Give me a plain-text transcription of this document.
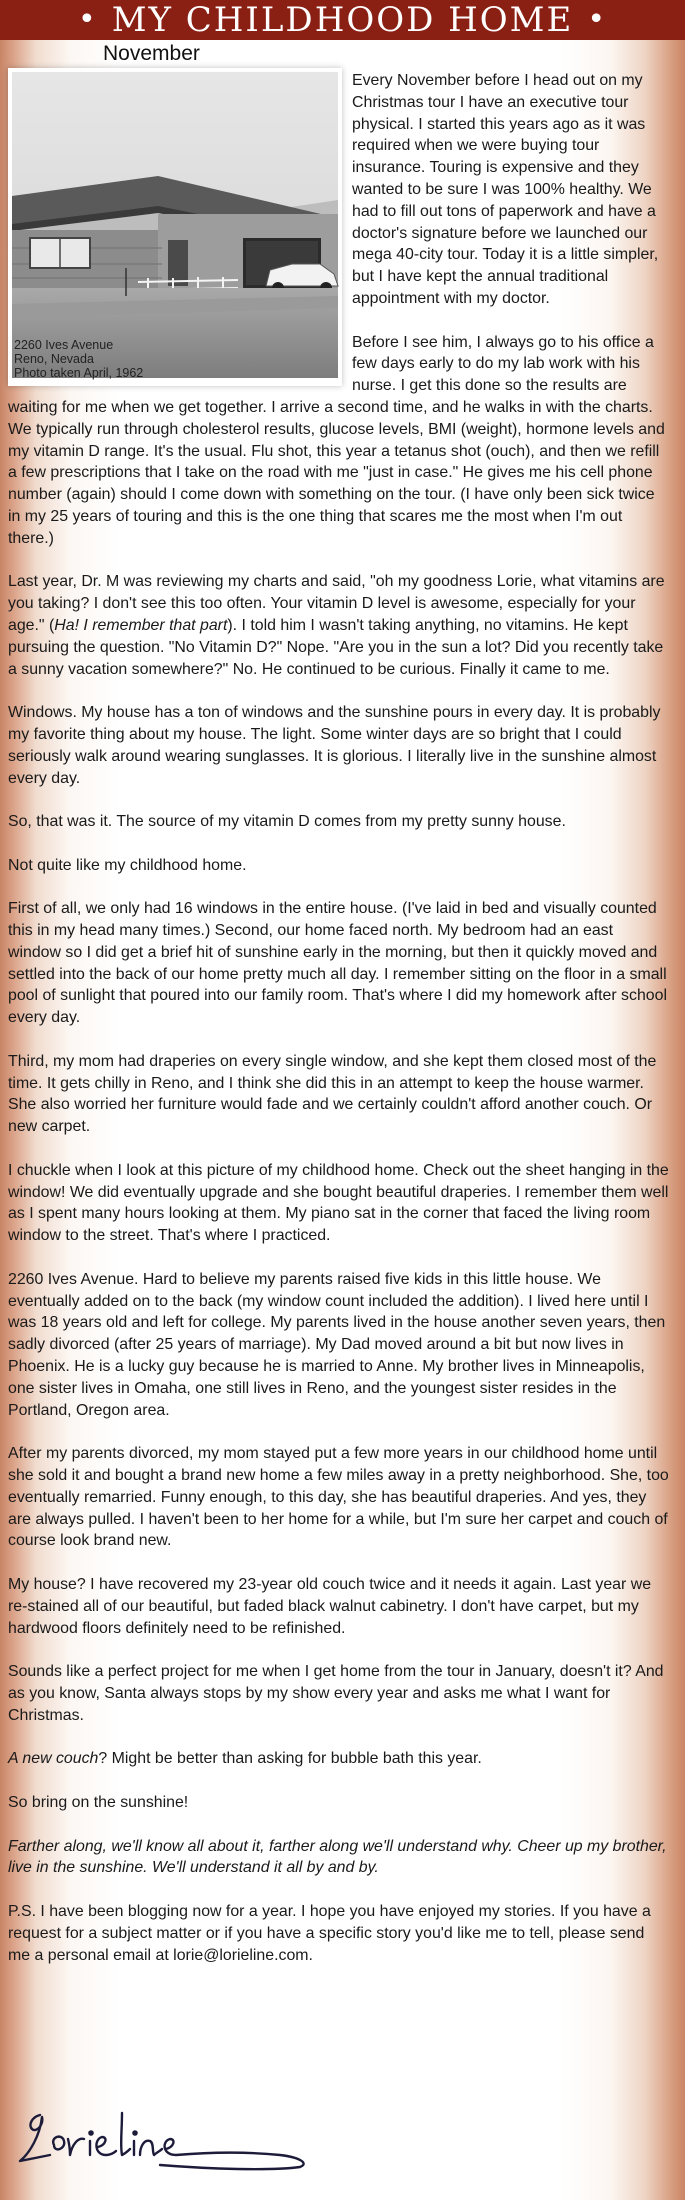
• MY CHILDHOOD HOME •
November
2260 Ives Avenue
Reno, Nevada
Photo taken April, 1962

Every November before I head out on my Christmas tour I have an executive tour physical. I started this years ago as it was required when we were buying tour insurance. Touring is expensive and they wanted to be sure I was 100% healthy. We had to fill out tons of paperwork and have a doctor's signature before we launched our mega 40-city tour. Today it is a little simpler, but I have kept the annual traditional appointment with my doctor.

Before I see him, I always go to his office a few days early to do my lab work with his nurse. I get this done so the results are waiting for me when we get together. I arrive a second time, and he walks in with the charts. We typically run through cholesterol results, glucose levels, BMI (weight), hormone levels and my vitamin D range. It's the usual. Flu shot, this year a tetanus shot (ouch), and then we refill a few prescriptions that I take on the road with me "just in case." He gives me his cell phone number (again) should I come down with something on the tour. (I have only been sick twice in my 25 years of touring and this is the one thing that scares me the most when I'm out there.)

Last year, Dr. M was reviewing my charts and said, "oh my goodness Lorie, what vitamins are you taking? I don't see this too often. Your vitamin D level is awesome, especially for your age." (Ha! I remember that part). I told him I wasn't taking anything, no vitamins. He kept pursuing the question. "No Vitamin D?" Nope. "Are you in the sun a lot? Did you recently take a sunny vacation somewhere?" No. He continued to be curious. Finally it came to me.

Windows. My house has a ton of windows and the sunshine pours in every day. It is probably my favorite thing about my house. The light. Some winter days are so bright that I could seriously walk around wearing sunglasses. It is glorious. I literally live in the sunshine almost every day.

So, that was it. The source of my vitamin D comes from my pretty sunny house.

Not quite like my childhood home.

First of all, we only had 16 windows in the entire house. (I've laid in bed and visually counted this in my head many times.) Second, our home faced north. My bedroom had an east window so I did get a brief hit of sunshine early in the morning, but then it quickly moved and settled into the back of our home pretty much all day. I remember sitting on the floor in a small pool of sunlight that poured into our family room. That's where I did my homework after school every day.

Third, my mom had draperies on every single window, and she kept them closed most of the time. It gets chilly in Reno, and I think she did this in an attempt to keep the house warmer. She also worried her furniture would fade and we certainly couldn't afford another couch. Or new carpet.

I chuckle when I look at this picture of my childhood home. Check out the sheet hanging in the window! We did eventually upgrade and she bought beautiful draperies. I remember them well as I spent many hours looking at them. My piano sat in the corner that faced the living room window to the street. That's where I practiced.

2260 Ives Avenue. Hard to believe my parents raised five kids in this little house. We eventually added on to the back (my window count included the addition). I lived here until I was 18 years old and left for college. My parents lived in the house another seven years, then sadly divorced (after 25 years of marriage). My Dad moved around a bit but now lives in Phoenix. He is a lucky guy because he is married to Anne. My brother lives in Minneapolis, one sister lives in Omaha, one still lives in Reno, and the youngest sister resides in the Portland, Oregon area.

After my parents divorced, my mom stayed put a few more years in our childhood home until she sold it and bought a brand new home a few miles away in a pretty neighborhood. She, too eventually remarried. Funny enough, to this day, she has beautiful draperies. And yes, they are always pulled. I haven't been to her home for a while, but I'm sure her carpet and couch of course look brand new.

My house? I have recovered my 23-year old couch twice and it needs it again. Last year we re-stained all of our beautiful, but faded black walnut cabinetry. I don't have carpet, but my hardwood floors definitely need to be refinished.

Sounds like a perfect project for me when I get home from the tour in January, doesn't it? And as you know, Santa always stops by my show every year and asks me what I want for Christmas.

A new couch? Might be better than asking for bubble bath this year.

So bring on the sunshine!

Farther along, we'll know all about it, farther along we'll understand why. Cheer up my brother, live in the sunshine. We'll understand it all by and by.

P.S. I have been blogging now for a year. I hope you have enjoyed my stories. If you have a request for a subject matter or if you have a specific story you'd like me to tell, please send me a personal email at lorie@lorieline.com.
